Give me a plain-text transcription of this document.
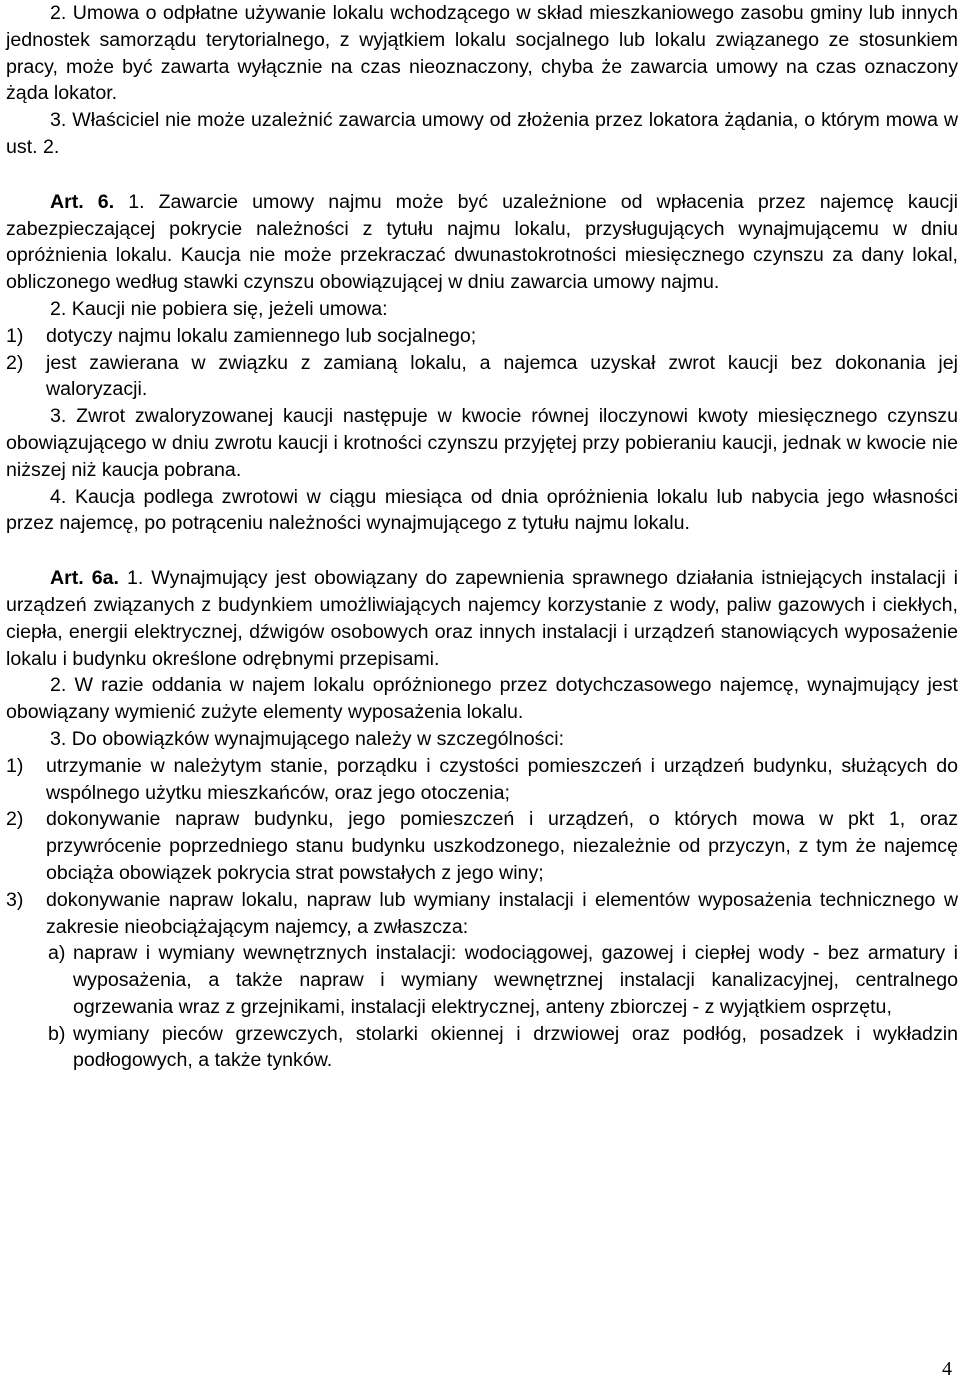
2. Umowa o odpłatne używanie lokalu wchodzącego w skład mieszkaniowego zasobu gminy lub innych jednostek samorządu terytorialnego, z wyjątkiem lokalu socjalnego lub lokalu związanego ze stosunkiem pracy, może być zawarta wyłącznie na czas nieoznaczony, chyba że zawarcia umowy na czas oznaczony żąda lokator.

3. Właściciel nie może uzależnić zawarcia umowy od złożenia przez lokatora żądania, o którym mowa w ust. 2.

Art. 6. 1. Zawarcie umowy najmu może być uzależnione od wpłacenia przez najemcę kaucji zabezpieczającej pokrycie należności z tytułu najmu lokalu, przysługujących wynajmującemu w dniu opróżnienia lokalu. Kaucja nie może przekraczać dwunastokrotności miesięcznego czynszu za dany lokal, obliczonego według stawki czynszu obowiązującej w dniu zawarcia umowy najmu.

2. Kaucji nie pobiera się, jeżeli umowa:

1)	dotyczy najmu lokalu zamiennego lub socjalnego;
2)	jest zawierana w związku z zamianą lokalu, a najemca uzyskał zwrot kaucji bez dokonania jej waloryzacji.

3. Zwrot zwaloryzowanej kaucji następuje w kwocie równej iloczynowi kwoty miesięcznego czynszu obowiązującego w dniu zwrotu kaucji i krotności czynszu przyjętej przy pobieraniu kaucji, jednak w kwocie nie niższej niż kaucja pobrana.

4. Kaucja podlega zwrotowi w ciągu miesiąca od dnia opróżnienia lokalu lub nabycia jego własności przez najemcę, po potrąceniu należności wynajmującego z tytułu najmu lokalu.

Art. 6a. 1. Wynajmujący jest obowiązany do zapewnienia sprawnego działania istniejących instalacji i urządzeń związanych z budynkiem umożliwiających najemcy korzystanie z wody, paliw gazowych i ciekłych, ciepła, energii elektrycznej, dźwigów osobowych oraz innych instalacji i urządzeń stanowiących wyposażenie lokalu i budynku określone odrębnymi przepisami.

2. W razie oddania w najem lokalu opróżnionego przez dotychczasowego najemcę, wynajmujący jest obowiązany wymienić zużyte elementy wyposażenia lokalu.

3. Do obowiązków wynajmującego należy w szczególności:

1)	utrzymanie w należytym stanie, porządku i czystości pomieszczeń i urządzeń budynku, służących do wspólnego użytku mieszkańców, oraz jego otoczenia;
2)	dokonywanie napraw budynku, jego pomieszczeń i urządzeń, o których mowa w pkt 1, oraz przywrócenie poprzedniego stanu budynku uszkodzonego, niezależnie od przyczyn, z tym że najemcę obciąża obowiązek pokrycia strat powstałych z jego winy;
3)	dokonywanie napraw lokalu, napraw lub wymiany instalacji i elementów wyposażenia technicznego w zakresie nieobciążającym najemcy, a zwłaszcza:
a) napraw i wymiany wewnętrznych instalacji: wodociągowej, gazowej i ciepłej wody - bez armatury i wyposażenia, a także napraw i wymiany wewnętrznej instalacji kanalizacyjnej, centralnego ogrzewania wraz z grzejnikami, instalacji elektrycznej, anteny zbiorczej - z wyjątkiem osprzętu,
b) wymiany pieców grzewczych, stolarki okiennej i drzwiowej oraz podłóg, posadzek i wykładzin podłogowych, a także tynków.
4
